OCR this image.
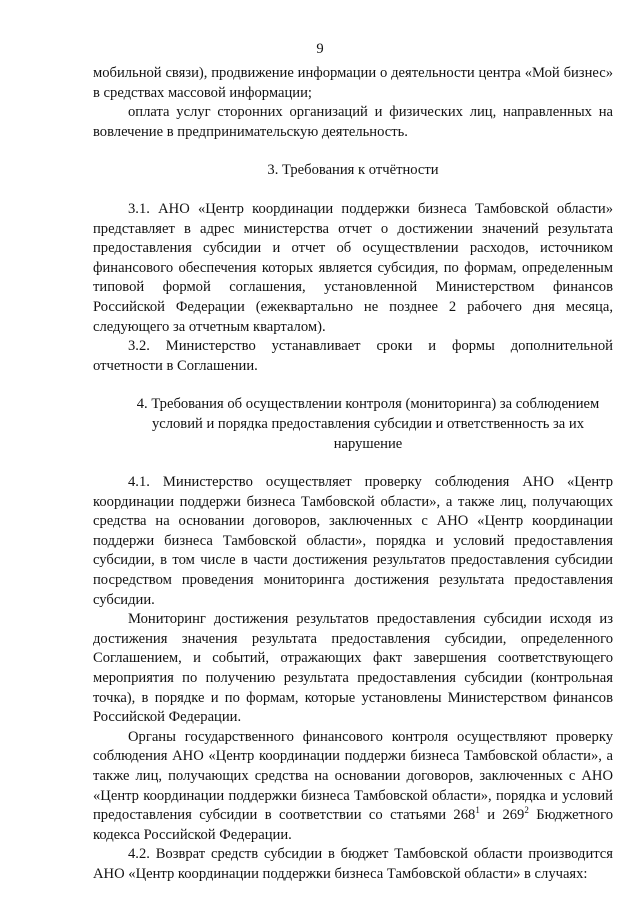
9

мобильной связи), продвижение информации о деятельности центра «Мой бизнес» в средствах массовой информации;

оплата услуг сторонних организаций и физических лиц, направленных на вовлечение в предпринимательскую деятельность.

3. Требования к отчётности

3.1. АНО «Центр координации поддержки бизнеса Тамбовской области» представляет в адрес министерства отчет о достижении значений результата предоставления субсидии и отчет об осуществлении расходов, источником финансового обеспечения которых является субсидия, по формам, определенным типовой формой соглашения, установленной Министерством финансов Российской Федерации (ежеквартально не позднее 2 рабочего дня месяца, следующего за отчетным кварталом).

3.2. Министерство устанавливает сроки и формы дополнительной отчетности в Соглашении.

4. Требования об осуществлении контроля (мониторинга) за соблюдением условий и порядка предоставления субсидии и ответственность за их нарушение

4.1. Министерство осуществляет проверку соблюдения АНО «Центр координации поддержи бизнеса Тамбовской области», а также лиц, получающих средства на основании договоров, заключенных с АНО «Центр координации поддержи бизнеса Тамбовской области», порядка и условий предоставления субсидии, в том числе в части достижения результатов предоставления субсидии посредством проведения мониторинга достижения результата предоставления субсидии.

Мониторинг достижения результатов предоставления субсидии исходя из достижения значения результата предоставления субсидии, определенного Соглашением, и событий, отражающих факт завершения соответствующего мероприятия по получению результата предоставления субсидии (контрольная точка), в порядке и по формам, которые установлены Министерством финансов Российской Федерации.

Органы государственного финансового контроля осуществляют проверку соблюдения АНО «Центр координации поддержи бизнеса Тамбовской области», а также лиц, получающих средства на основании договоров, заключенных с АНО «Центр координации поддержки бизнеса Тамбовской области», порядка и условий предоставления субсидии в соответствии со статьями $268^1$ и $269^2$ Бюджетного кодекса Российской Федерации.

4.2. Возврат средств субсидии в бюджет Тамбовской области производится АНО «Центр координации поддержки бизнеса Тамбовской области» в случаях:
